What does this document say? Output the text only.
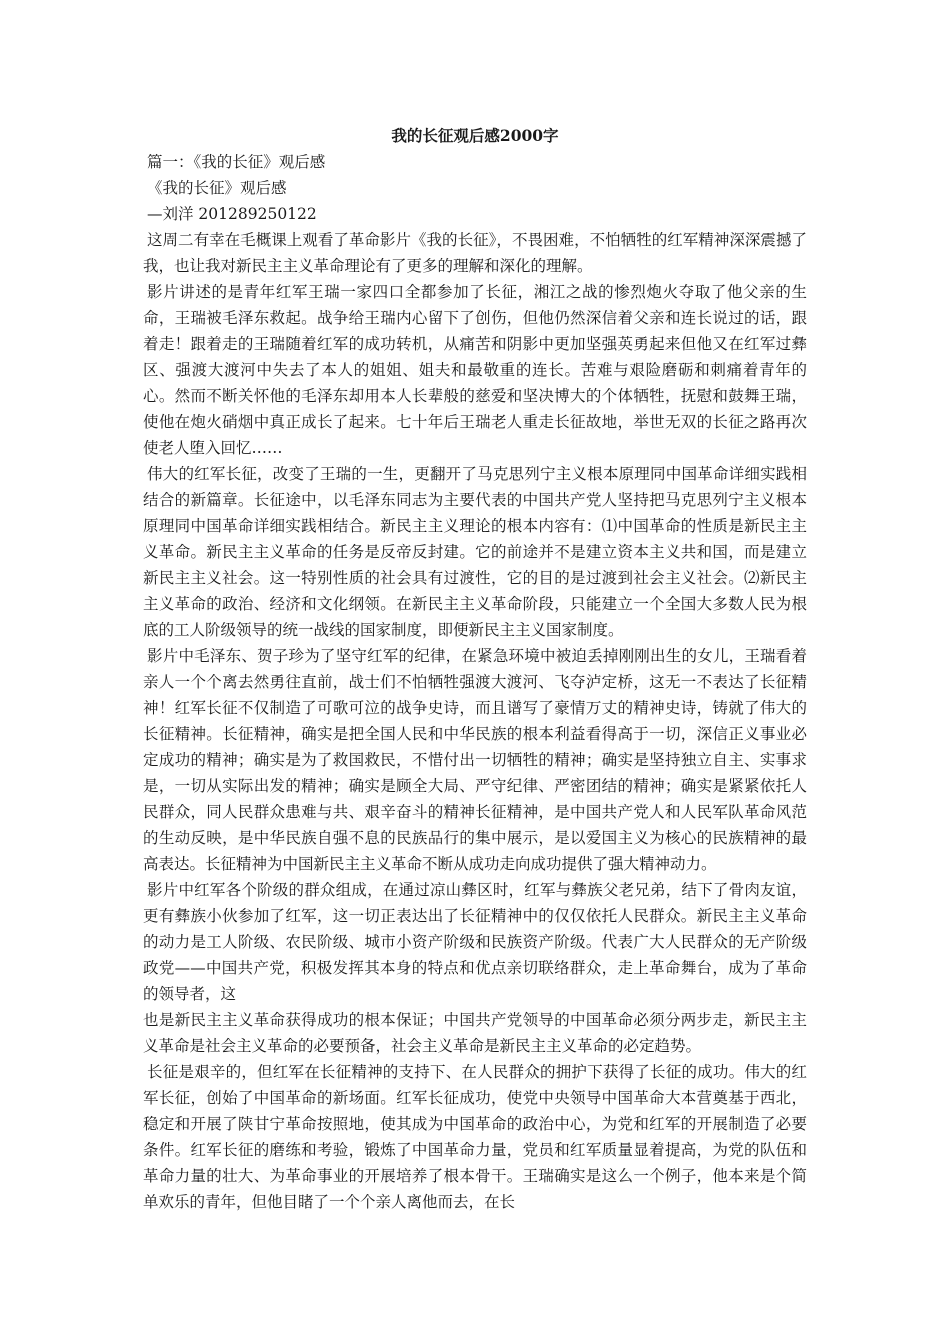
我的长征观后感2000字

篇一：《我的长征》观后感

《我的长征》观后感

—刘洋 201289250122

这周二有幸在毛概课上观看了革命影片《我的长征》，不畏困难，不怕牺牲的红军精神深深震撼了我，也让我对新民主主义革命理论有了更多的理解和深化的理解。

影片讲述的是青年红军王瑞一家四口全都参加了长征，湘江之战的惨烈炮火夺取了他父亲的生命，王瑞被毛泽东救起。战争给王瑞内心留下了创伤，但他仍然深信着父亲和连长说过的话，跟着走！跟着走的王瑞随着红军的成功转机，从痛苦和阴影中更加坚强英勇起来但他又在红军过彝区、强渡大渡河中失去了本人的姐姐、姐夫和最敬重的连长。苦难与艰险磨砺和刺痛着青年的心。然而不断关怀他的毛泽东却用本人长辈般的慈爱和坚决博大的个体牺牲，抚慰和鼓舞王瑞，使他在炮火硝烟中真正成长了起来。七十年后王瑞老人重走长征故地，举世无双的长征之路再次使老人堕入回忆……

伟大的红军长征，改变了王瑞的一生，更翻开了马克思列宁主义根本原理同中国革命详细实践相结合的新篇章。长征途中，以毛泽东同志为主要代表的中国共产党人坚持把马克思列宁主义根本原理同中国革命详细实践相结合。新民主主义理论的根本内容有：⑴中国革命的性质是新民主主义革命。新民主主义革命的任务是反帝反封建。它的前途并不是建立资本主义共和国，而是建立新民主主义社会。这一特别性质的社会具有过渡性，它的目的是过渡到社会主义社会。⑵新民主主义革命的政治、经济和文化纲领。在新民主主义革命阶段，只能建立一个全国大多数人民为根底的工人阶级领导的统一战线的国家制度，即便新民主主义国家制度。

影片中毛泽东、贺子珍为了坚守红军的纪律，在紧急环境中被迫丢掉刚刚出生的女儿，王瑞看着亲人一个个离去然勇往直前，战士们不怕牺牲强渡大渡河、飞夺泸定桥，这无一不表达了长征精神！红军长征不仅制造了可歌可泣的战争史诗，而且谱写了豪情万丈的精神史诗，铸就了伟大的长征精神。长征精神，确实是把全国人民和中华民族的根本利益看得高于一切，深信正义事业必定成功的精神；确实是为了救国救民，不惜付出一切牺牲的精神；确实是坚持独立自主、实事求是，一切从实际出发的精神；确实是顾全大局、严守纪律、严密团结的精神；确实是紧紧依托人民群众，同人民群众患难与共、艰辛奋斗的精神长征精神，是中国共产党人和人民军队革命风范的生动反映，是中华民族自强不息的民族品行的集中展示，是以爱国主义为核心的民族精神的最高表达。长征精神为中国新民主主义革命不断从成功走向成功提供了强大精神动力。

影片中红军各个阶级的群众组成，在通过凉山彝区时，红军与彝族父老兄弟，结下了骨肉友谊，更有彝族小伙参加了红军，这一切正表达出了长征精神中的仅仅依托人民群众。新民主主义革命的动力是工人阶级、农民阶级、城市小资产阶级和民族资产阶级。代表广大人民群众的无产阶级政党——中国共产党，积极发挥其本身的特点和优点亲切联络群众，走上革命舞台，成为了革命的领导者，这

也是新民主主义革命获得成功的根本保证；中国共产党领导的中国革命必须分两步走，新民主主义革命是社会主义革命的必要预备，社会主义革命是新民主主义革命的必定趋势。

长征是艰辛的，但红军在长征精神的支持下、在人民群众的拥护下获得了长征的成功。伟大的红军长征，创始了中国革命的新场面。红军长征成功，使党中央领导中国革命大本营奠基于西北，稳定和开展了陕甘宁革命按照地，使其成为中国革命的政治中心，为党和红军的开展制造了必要条件。红军长征的磨练和考验，锻炼了中国革命力量，党员和红军质量显着提高，为党的队伍和革命力量的壮大、为革命事业的开展培养了根本骨干。王瑞确实是这么一个例子，他本来是个简单欢乐的青年，但他目睹了一个个亲人离他而去，在长
